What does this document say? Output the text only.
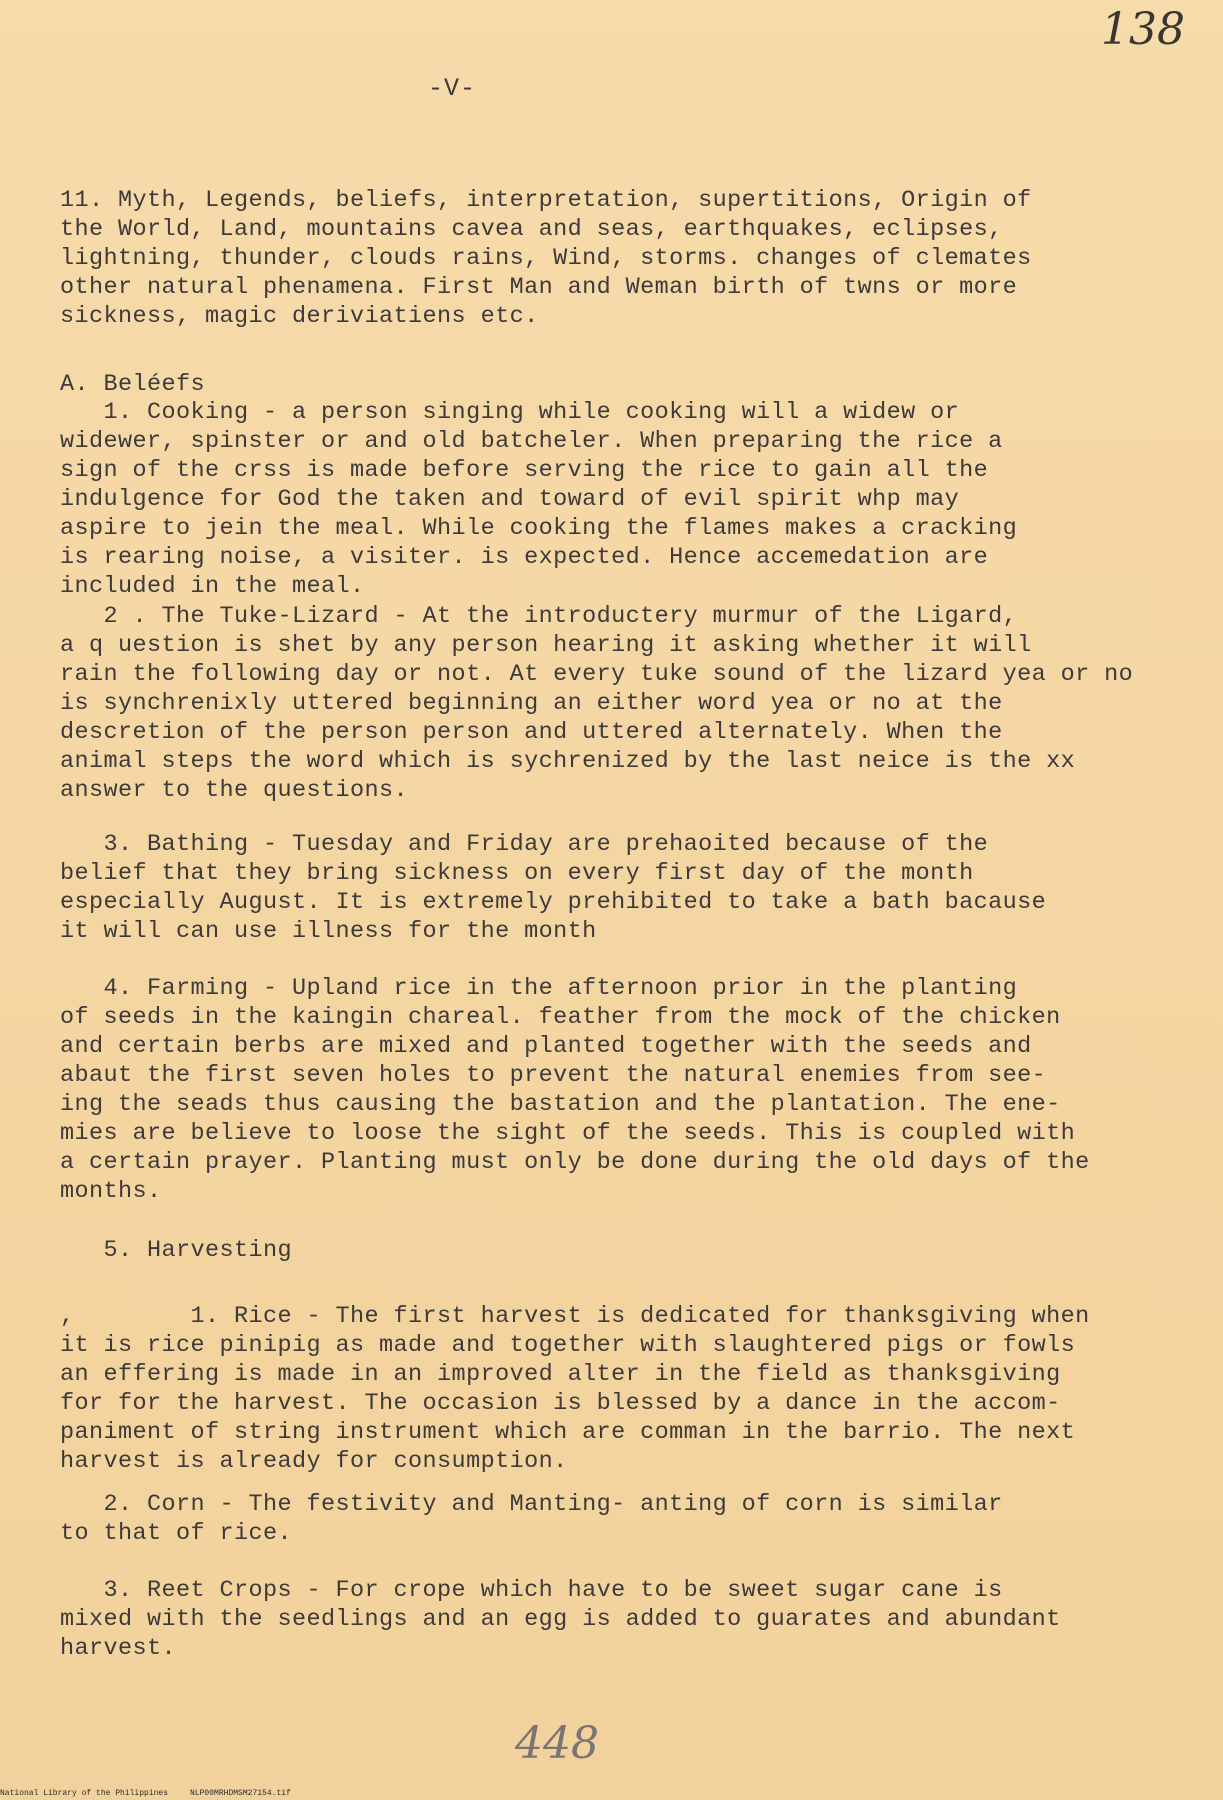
138
-V-
11. Myth, Legends, beliefs, interpretation, supertitions, Origin of
the World, Land, mountains cavea and seas, earthquakes, eclipses,
lightning, thunder, clouds rains, Wind, storms. changes of clemates
other natural phenamena. First Man and Weman birth of twns or more
sickness, magic deriviatiens etc.
A. Beléefs
1. Cooking - a person singing while cooking will a widew or
widewer, spinster or and old batcheler. When preparing the rice a
sign of the crss is made before serving the rice to gain all the
indulgence for God the taken and toward of evil spirit whp may
aspire to jein the meal. While cooking the flames makes a cracking
is rearing noise, a visiter. is expected. Hence accemedation are
included in the meal.
2 . The Tuke-Lizard - At the introductery murmur of the Ligard,
a q uestion is shet by any person hearing it asking whether it will
rain the following day or not. At every tuke sound of the lizard yea or no
is synchrenixly uttered beginning an either word yea or no at the
descretion of the person person and uttered alternately. When the
animal steps the word which is sychrenized by the last neice is the xx
answer to the questions.
3. Bathing - Tuesday and Friday are prehaoited because of the
belief that they bring sickness on every first day of the month
especially August. It is extremely prehibited to take a bath bacause
it will can use illness for the month
4. Farming - Upland rice in the afternoon prior in the planting
of seeds in the kaingin chareal. feather from the mock of the chicken
and certain berbs are mixed and planted together with the seeds and
abaut the first seven holes to prevent the natural enemies from see-
ing the seads thus causing the bastation and the plantation. The ene-
mies are believe to loose the sight of the seeds. This is coupled with
a certain prayer. Planting must only be done during the old days of the
months.
5. Harvesting
,        1. Rice - The first harvest is dedicated for thanksgiving when
it is rice pinipig as made and together with slaughtered pigs or fowls
an effering is made in an improved alter in the field as thanksgiving
for for the harvest. The occasion is blessed by a dance in the accom-
paniment of string instrument which are comman in the barrio. The next
harvest is already for consumption.
2. Corn - The festivity and Manting- anting of corn is similar
to that of rice.
3. Reet Crops - For crope which have to be sweet sugar cane is
mixed with the seedlings and an egg is added to guarates and abundant
harvest.
448
National Library of the Philippines	NLP00MRHDMSM27154.tif
